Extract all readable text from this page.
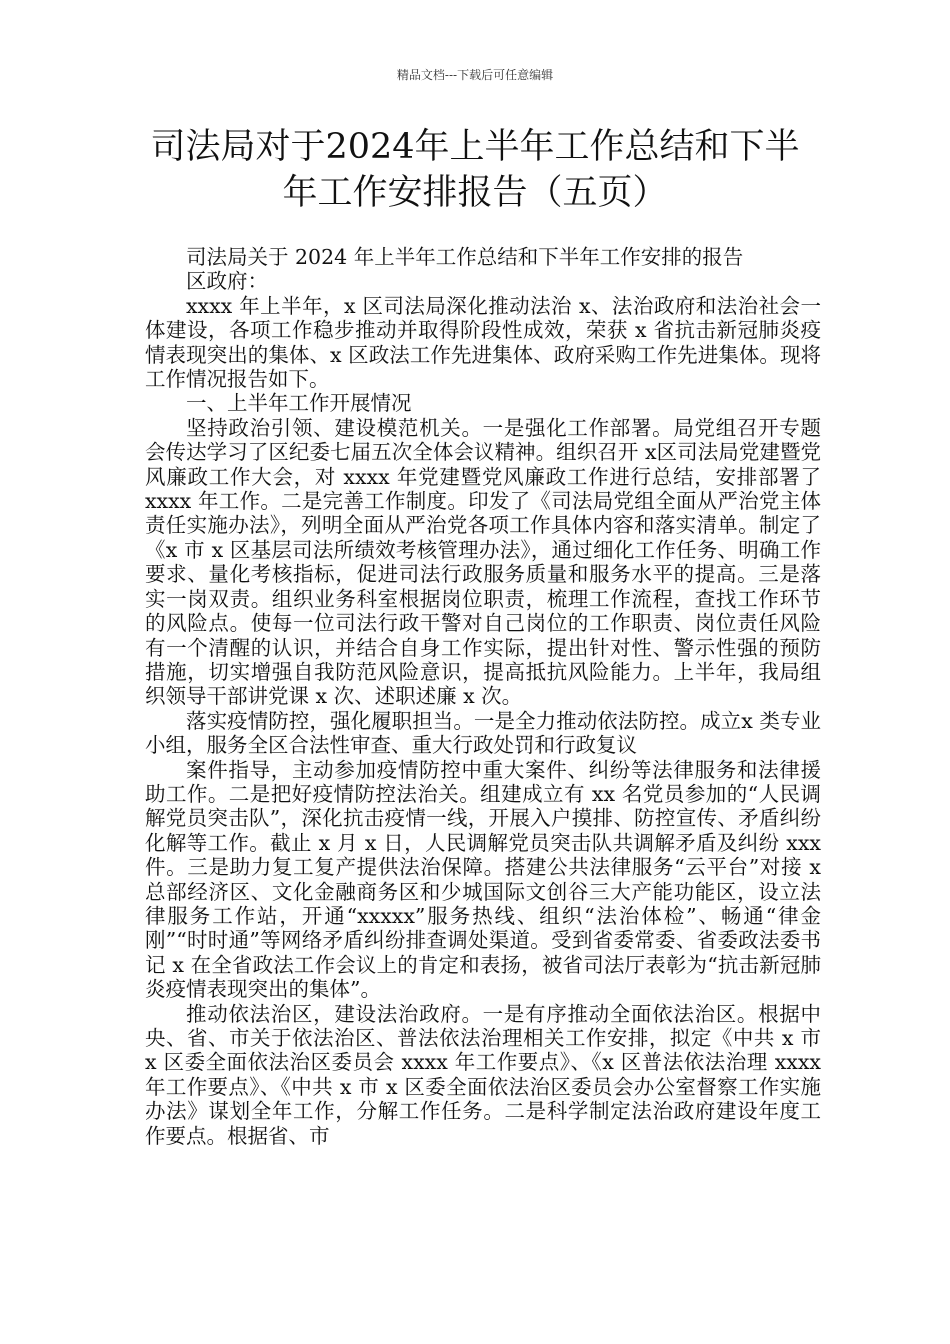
精品文档---下载后可任意编辑
司法局对于2024年上半年工作总结和下半年工作安排报告（五页）

司法局关于 2024 年上半年工作总结和下半年工作安排的报告

区政府：

xxxx 年上半年，x 区司法局深化推动法治 x、法治政府和法治社会一体建设，各项工作稳步推动并取得阶段性成效，荣获 x 省抗击新冠肺炎疫情表现突出的集体、x 区政法工作先进集体、政府采购工作先进集体。现将工作情况报告如下。

一、上半年工作开展情况

坚持政治引领、建设模范机关。一是强化工作部署。局党组召开专题会传达学习了区纪委七届五次全体会议精神。组织召开 x区司法局党建暨党风廉政工作大会，对 xxxx 年党建暨党风廉政工作进行总结，安排部署了 xxxx 年工作。二是完善工作制度。印发了《司法局党组全面从严治党主体责任实施办法》，列明全面从严治党各项工作具体内容和落实清单。制定了《x 市 x 区基层司法所绩效考核管理办法》，通过细化工作任务、明确工作要求、量化考核指标，促进司法行政服务质量和服务水平的提高。三是落实一岗双责。组织业务科室根据岗位职责，梳理工作流程，查找工作环节的风险点。使每一位司法行政干警对自己岗位的工作职责、岗位责任风险有一个清醒的认识，并结合自身工作实际，提出针对性、警示性强的预防措施，切实增强自我防范风险意识，提高抵抗风险能力。上半年，我局组织领导干部讲党课 x 次、述职述廉 x 次。

落实疫情防控，强化履职担当。一是全力推动依法防控。成立x 类专业小组，服务全区合法性审查、重大行政处罚和行政复议

案件指导，主动参加疫情防控中重大案件、纠纷等法律服务和法律援助工作。二是把好疫情防控法治关。组建成立有 xx 名党员参加的“人民调解党员突击队”，深化抗击疫情一线，开展入户摸排、防控宣传、矛盾纠纷化解等工作。截止 x 月 x 日，人民调解党员突击队共调解矛盾及纠纷 xxx 件。三是助力复工复产提供法治保障。搭建公共法律服务“云平台”对接 x 总部经济区、文化金融商务区和少城国际文创谷三大产能功能区，设立法律服务工作站，开通“xxxxx”服务热线、组织“法治体检”、畅通“律金刚”“时时通”等网络矛盾纠纷排查调处渠道。受到省委常委、省委政法委书记 x 在全省政法工作会议上的肯定和表扬，被省司法厅表彰为“抗击新冠肺炎疫情表现突出的集体”。

推动依法治区，建设法治政府。一是有序推动全面依法治区。根据中央、省、市关于依法治区、普法依法治理相关工作安排，拟定《中共 x 市 x 区委全面依法治区委员会 xxxx 年工作要点》、《x 区普法依法治理 xxxx 年工作要点》、《中共 x 市 x 区委全面依法治区委员会办公室督察工作实施办法》谋划全年工作，分解工作任务。二是科学制定法治政府建设年度工作要点。根据省、市
